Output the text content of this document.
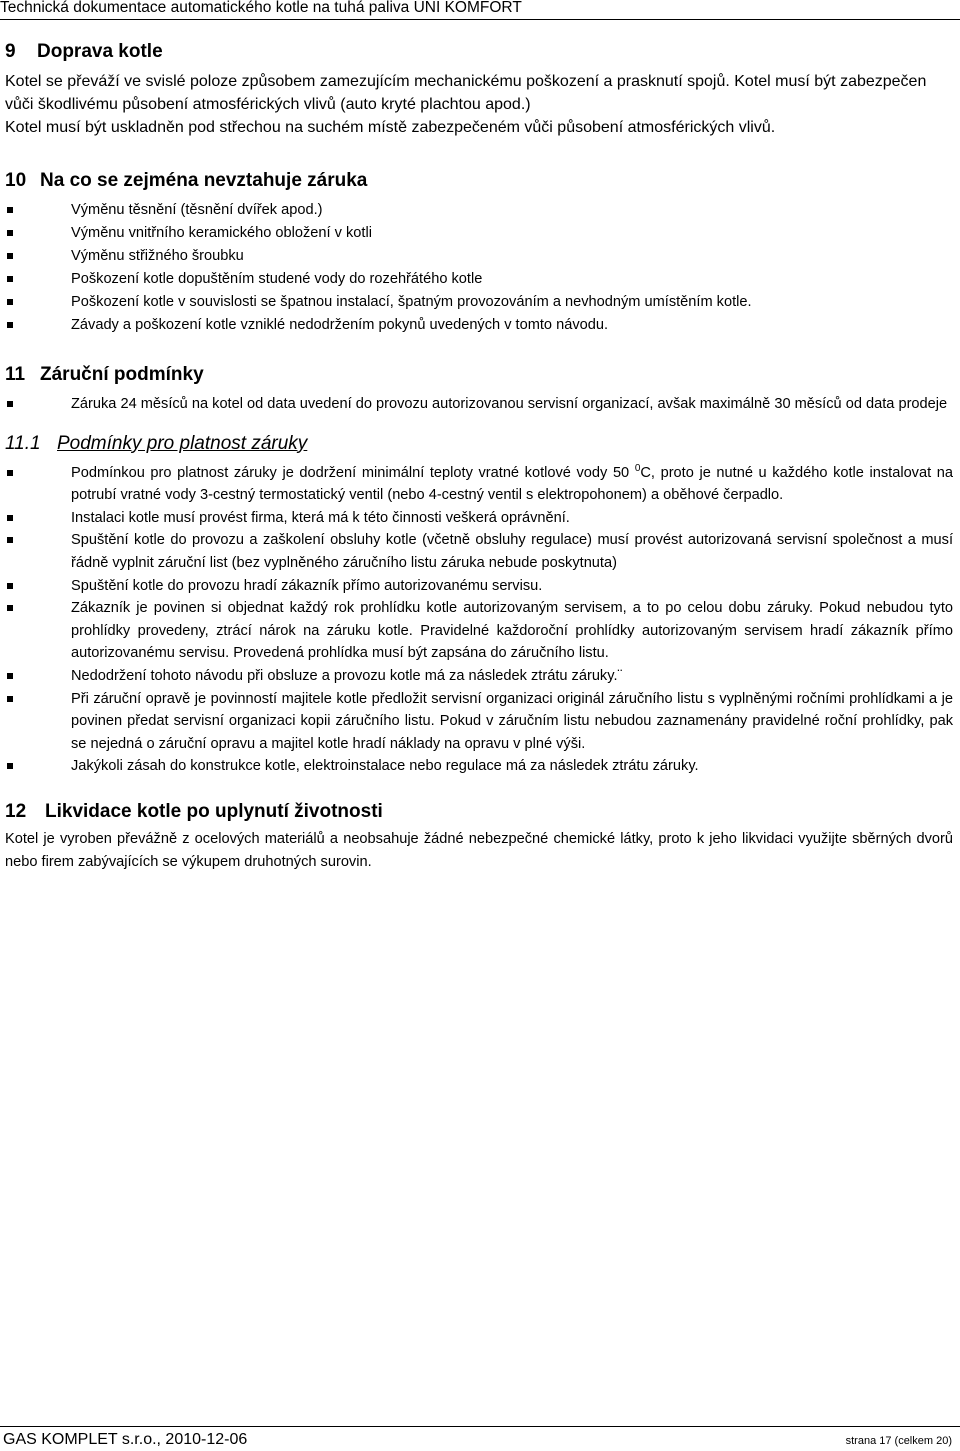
Technická dokumentace automatického kotle na tuhá paliva UNI KOMFORT
9 Doprava kotle

Kotel se převáží ve svislé poloze způsobem zamezujícím mechanickému poškození a prasknutí spojů. Kotel musí být zabezpečen vůči škodlivému působení atmosférických vlivů (auto kryté plachtou apod.)

Kotel musí být uskladněn pod střechou na suchém místě zabezpečeném vůči působení atmosférických vlivů.

10 Na co se zejména nevztahuje záruka
Výměnu těsnění (těsnění dvířek apod.)
Výměnu vnitřního keramického obložení v kotli
Výměnu střižného šroubku
Poškození kotle dopuštěním studené vody do rozehřátého kotle
Poškození kotle v souvislosti se špatnou instalací, špatným provozováním a nevhodným umístěním kotle.
Závady a poškození kotle vzniklé nedodržením pokynů uvedených v tomto návodu.
11 Záruční podmínky
Záruka 24 měsíců na kotel od data uvedení do provozu autorizovanou servisní organizací, avšak maximálně 30 měsíců od data prodeje
11.1 Podmínky pro platnost záruky
Podmínkou pro platnost záruky je dodržení minimální teploty vratné kotlové vody 50 $^0$C, proto je nutné u každého kotle instalovat na potrubí vratné vody 3-cestný termostatický ventil (nebo 4-cestný ventil s elektropohonem) a oběhové čerpadlo.
Instalaci kotle musí provést firma, která má k této činnosti veškerá oprávnění.
Spuštění kotle do provozu a zaškolení obsluhy kotle (včetně obsluhy regulace) musí provést autorizovaná servisní společnost a musí řádně vyplnit záruční list (bez vyplněného záručního listu záruka nebude poskytnuta)
Spuštění kotle do provozu hradí zákazník přímo autorizovanému servisu.
Zákazník je povinen si objednat každý rok prohlídku kotle autorizovaným servisem, a to po celou dobu záruky. Pokud nebudou tyto prohlídky provedeny, ztrácí nárok na záruku kotle. Pravidelné každoroční prohlídky autorizovaným servisem hradí zákazník přímo autorizovanému servisu. Provedená prohlídka musí být zapsána do záručního listu.
Nedodržení tohoto návodu při obsluze a provozu kotle má za následek ztrátu záruky.¨
Při záruční opravě je povinností majitele kotle předložit servisní organizaci originál záručního listu s vyplněnými ročními prohlídkami a je povinen předat servisní organizaci kopii záručního listu. Pokud v záručním listu nebudou zaznamenány pravidelné roční prohlídky, pak se nejedná o záruční opravu a majitel kotle hradí náklady na opravu v plné výši.
Jakýkoli zásah do konstrukce kotle, elektroinstalace nebo regulace má za následek ztrátu záruky.
12 Likvidace kotle po uplynutí životnosti

Kotel je vyroben převážně z ocelových materiálů a neobsahuje žádné nebezpečné chemické látky, proto k jeho likvidaci využijte sběrných dvorů nebo firem zabývajících se výkupem druhotných surovin.

GAS KOMPLET s.r.o., 2010-12-06	strana 17 (celkem 20)
